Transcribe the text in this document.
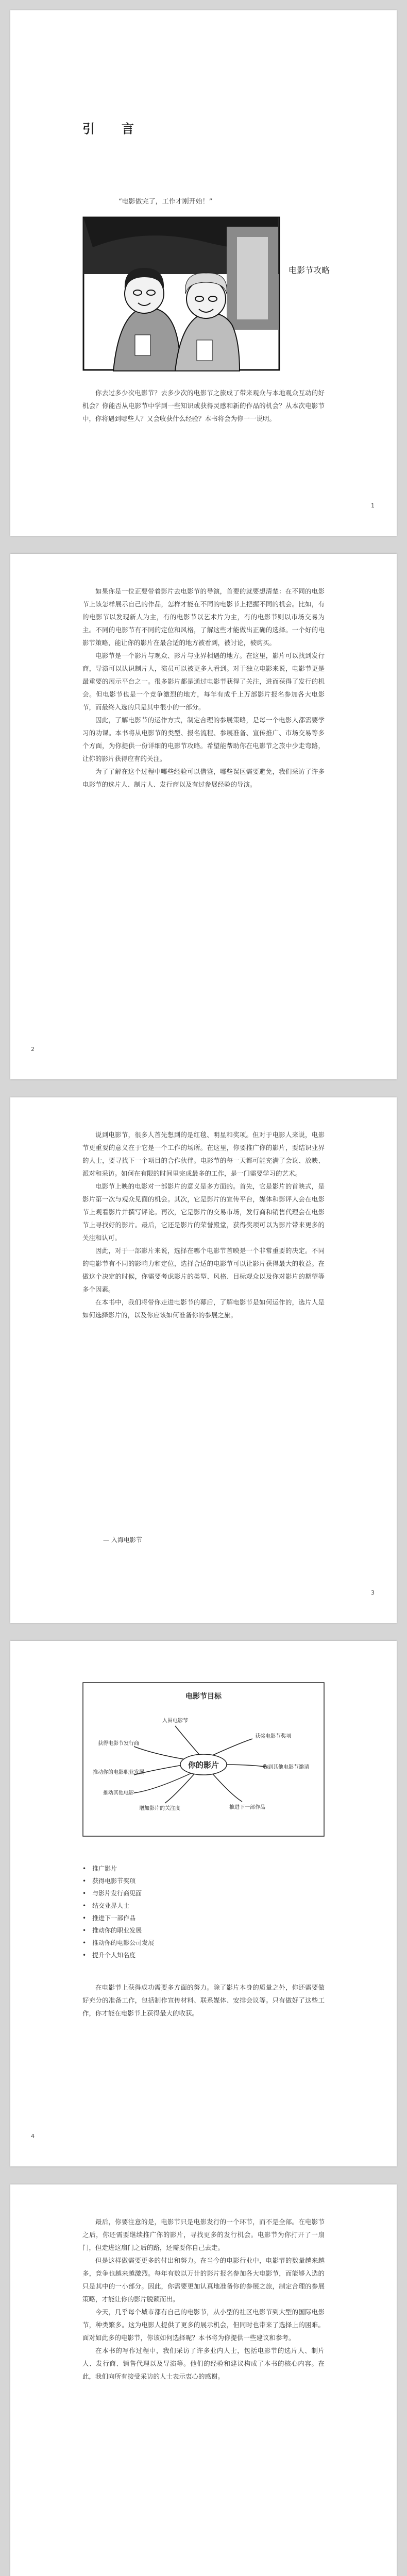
引　言
“电影做完了，工作才刚开始！”
电影节攻略

你去过多少次电影节？去多少次的电影节之旅成了带来观众与本地观众互动的好机会？你能否从电影节中学到一些知识或获得灵感和新的作品的机会？从本次电影节中，你将遇到哪些人？又会收获什么经验？本书将会为你一一说明。

1

如果你是一位正要带着影片去电影节的导演，首要的就要想清楚：在不同的电影节上该怎样展示自己的作品，怎样才能在不同的电影节上把握不同的机会。比如，有的电影节以发现新人为主，有的电影节以艺术片为主，有的电影节则以市场交易为主。不同的电影节有不同的定位和风格，了解这些才能做出正确的选择。一个好的电影节策略，能让你的影片在最合适的地方被看到，被讨论，被购买。

电影节是一个影片与观众、影片与业界相遇的地方。在这里，影片可以找到发行商，导演可以认识制片人，演员可以被更多人看到。对于独立电影来说，电影节更是最重要的展示平台之一。很多影片都是通过电影节获得了关注，进而获得了发行的机会。但电影节也是一个竞争激烈的地方，每年有成千上万部影片报名参加各大电影节，而最终入选的只是其中很小的一部分。

因此，了解电影节的运作方式，制定合理的参展策略，是每一个电影人都需要学习的功课。本书将从电影节的类型、报名流程、参展准备、宣传推广、市场交易等多个方面，为你提供一份详细的电影节攻略。希望能帮助你在电影节之旅中少走弯路，让你的影片获得应有的关注。

为了了解在这个过程中哪些经验可以借鉴，哪些误区需要避免，我们采访了许多电影节的选片人、制片人、发行商以及有过参展经验的导演。

2

说到电影节，很多人首先想到的是红毯、明星和奖项。但对于电影人来说，电影节更重要的意义在于它是一个工作的场所。在这里，你要推广你的影片，要结识业界的人士，要寻找下一个项目的合作伙伴。电影节的每一天都可能充满了会议、放映、派对和采访。如何在有限的时间里完成最多的工作，是一门需要学习的艺术。

电影节上映的电影对一部影片的意义是多方面的。首先，它是影片的首映式，是影片第一次与观众见面的机会。其次，它是影片的宣传平台，媒体和影评人会在电影节上观看影片并撰写评论。再次，它是影片的交易市场，发行商和销售代理会在电影节上寻找好的影片。最后，它还是影片的荣誉殿堂，获得奖项可以为影片带来更多的关注和认可。

因此，对于一部影片来说，选择在哪个电影节首映是一个非常重要的决定。不同的电影节有不同的影响力和定位，选择合适的电影节可以让影片获得最大的收益。在做这个决定的时候，你需要考虑影片的类型、风格、目标观众以及你对影片的期望等多个因素。

在本书中，我们将带你走进电影节的幕后，了解电影节是如何运作的，选片人是如何选择影片的，以及你应该如何准备你的参展之旅。

— 入海电影节
3
电影节目标
你的影片
入围电影节
获奖电影节奖项
获得电影节发行商
收到其他电影节邀请
推动你的电影职业发展
推动其他电影
增加影片的关注度	推进下一部作品
• 推广影片
• 获得电影节奖项
• 与影片发行商见面
• 结交业界人士
• 推进下一部作品
• 推动你的职业发展
• 推动你的电影公司发展
• 提升个人知名度

在电影节上获得成功需要多方面的努力。除了影片本身的质量之外，你还需要做好充分的准备工作，包括制作宣传材料、联系媒体、安排会议等。只有做好了这些工作，你才能在电影节上获得最大的收获。

4

最后，你要注意的是，电影节只是电影发行的一个环节，而不是全部。在电影节之后，你还需要继续推广你的影片，寻找更多的发行机会。电影节为你打开了一扇门，但走进这扇门之后的路，还需要你自己去走。

但是这样做需要更多的付出和努力。在当今的电影行业中，电影节的数量越来越多，竞争也越来越激烈。每年有数以万计的影片报名参加各大电影节，而能够入选的只是其中的一小部分。因此，你需要更加认真地准备你的参展之旅，制定合理的参展策略，才能让你的影片脱颖而出。

今天，几乎每个城市都有自己的电影节，从小型的社区电影节到大型的国际电影节，种类繁多。这为电影人提供了更多的展示机会，但同时也带来了选择上的困难。面对如此多的电影节，你该如何选择呢？本书将为你提供一些建议和参考。

在本书的写作过程中，我们采访了许多业内人士，包括电影节的选片人、制片人、发行商、销售代理以及导演等。他们的经验和建议构成了本书的核心内容。在此，我们向所有接受采访的人士表示衷心的感谢。
